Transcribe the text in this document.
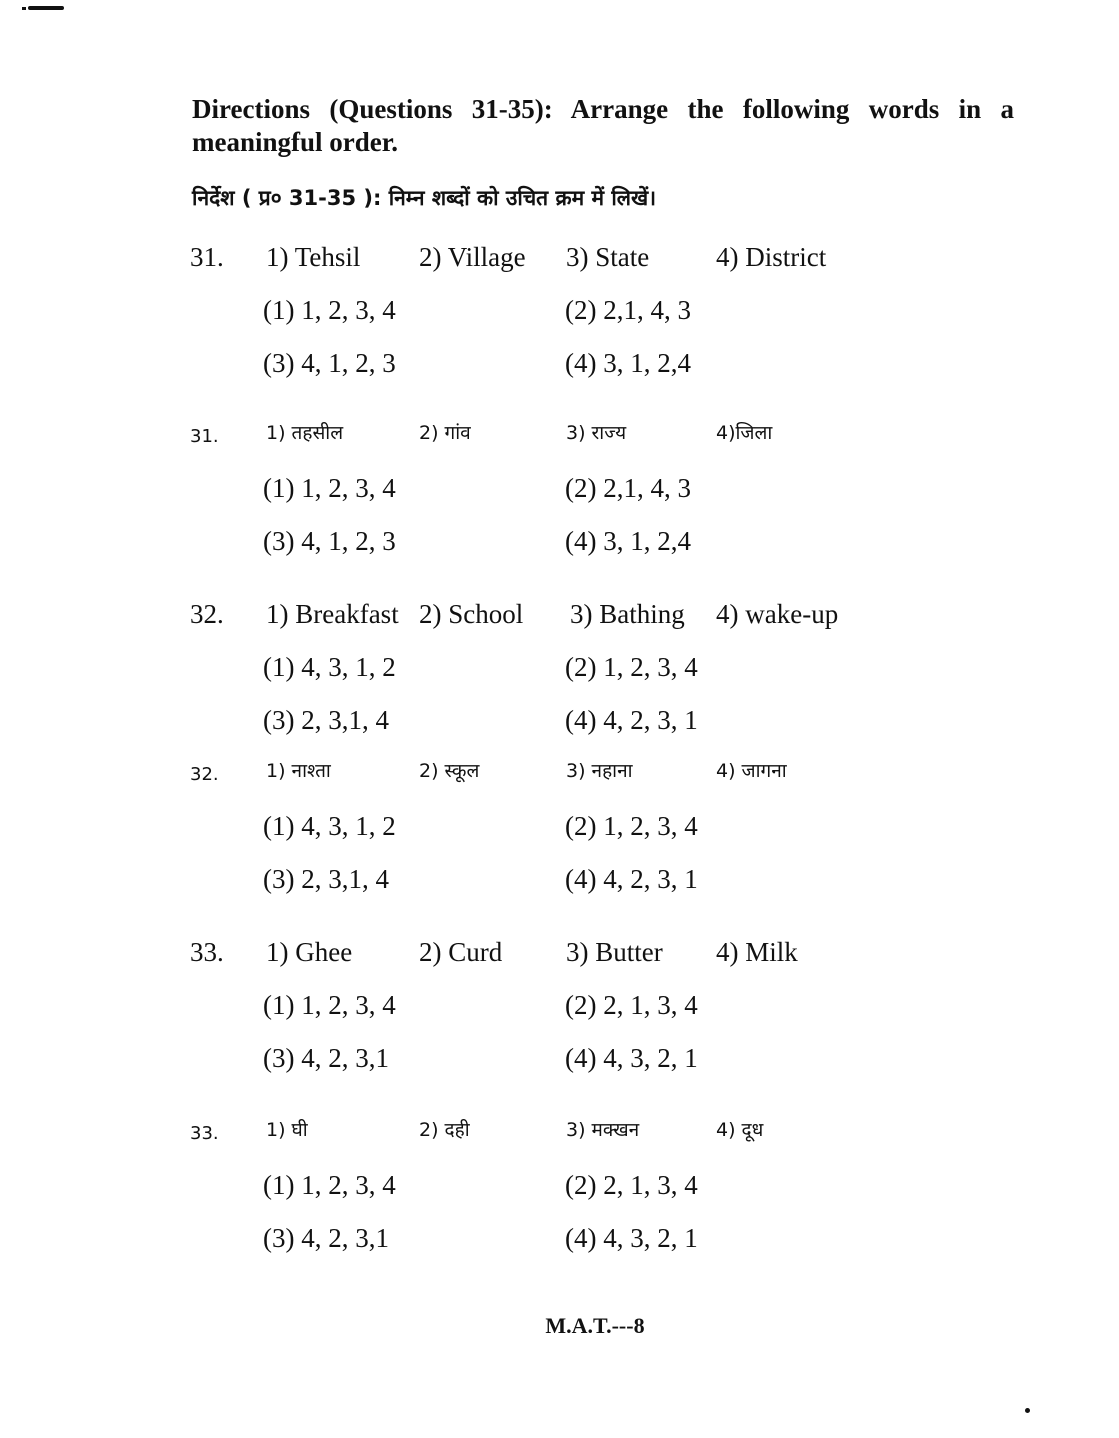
Directions (Questions 31-35): Arrange the following words in a meaningful order.
निर्देश ( प्र० 31-35 ): निम्न शब्दों को उचित क्रम में लिखें।
31. 1) Tehsil 2) Village 3) State 4) District
(1) 1, 2, 3, 4	(2) 2,1, 4, 3
(3) 4, 1, 2, 3	(4) 3, 1, 2,4
31. 1) तहसील	2) गांव	3) राज्य	4)जिला
(1) 1, 2, 3, 4	(2) 2,1, 4, 3
(3) 4, 1, 2, 3	(4) 3, 1, 2,4
32. 1) Breakfast 2) School 3) Bathing 4) wake-up
(1) 4, 3, 1, 2	(2) 1, 2, 3, 4
(3) 2, 3,1, 4	(4) 4, 2, 3, 1
32. 1) नाश्ता	2) स्कूल	3) नहाना	4) जागना
(1) 4, 3, 1, 2	(2) 1, 2, 3, 4
(3) 2, 3,1, 4	(4) 4, 2, 3, 1
33. 1) Ghee 2) Curd 3) Butter 4) Milk
(1) 1, 2, 3, 4	(2) 2, 1, 3, 4
(3) 4, 2, 3,1	(4) 4, 3, 2, 1
33. 1) घी	2) दही	3) मक्खन	4) दूध
(1) 1, 2, 3, 4	(2) 2, 1, 3, 4
(3) 4, 2, 3,1	(4) 4, 3, 2, 1
M.A.T.---8
